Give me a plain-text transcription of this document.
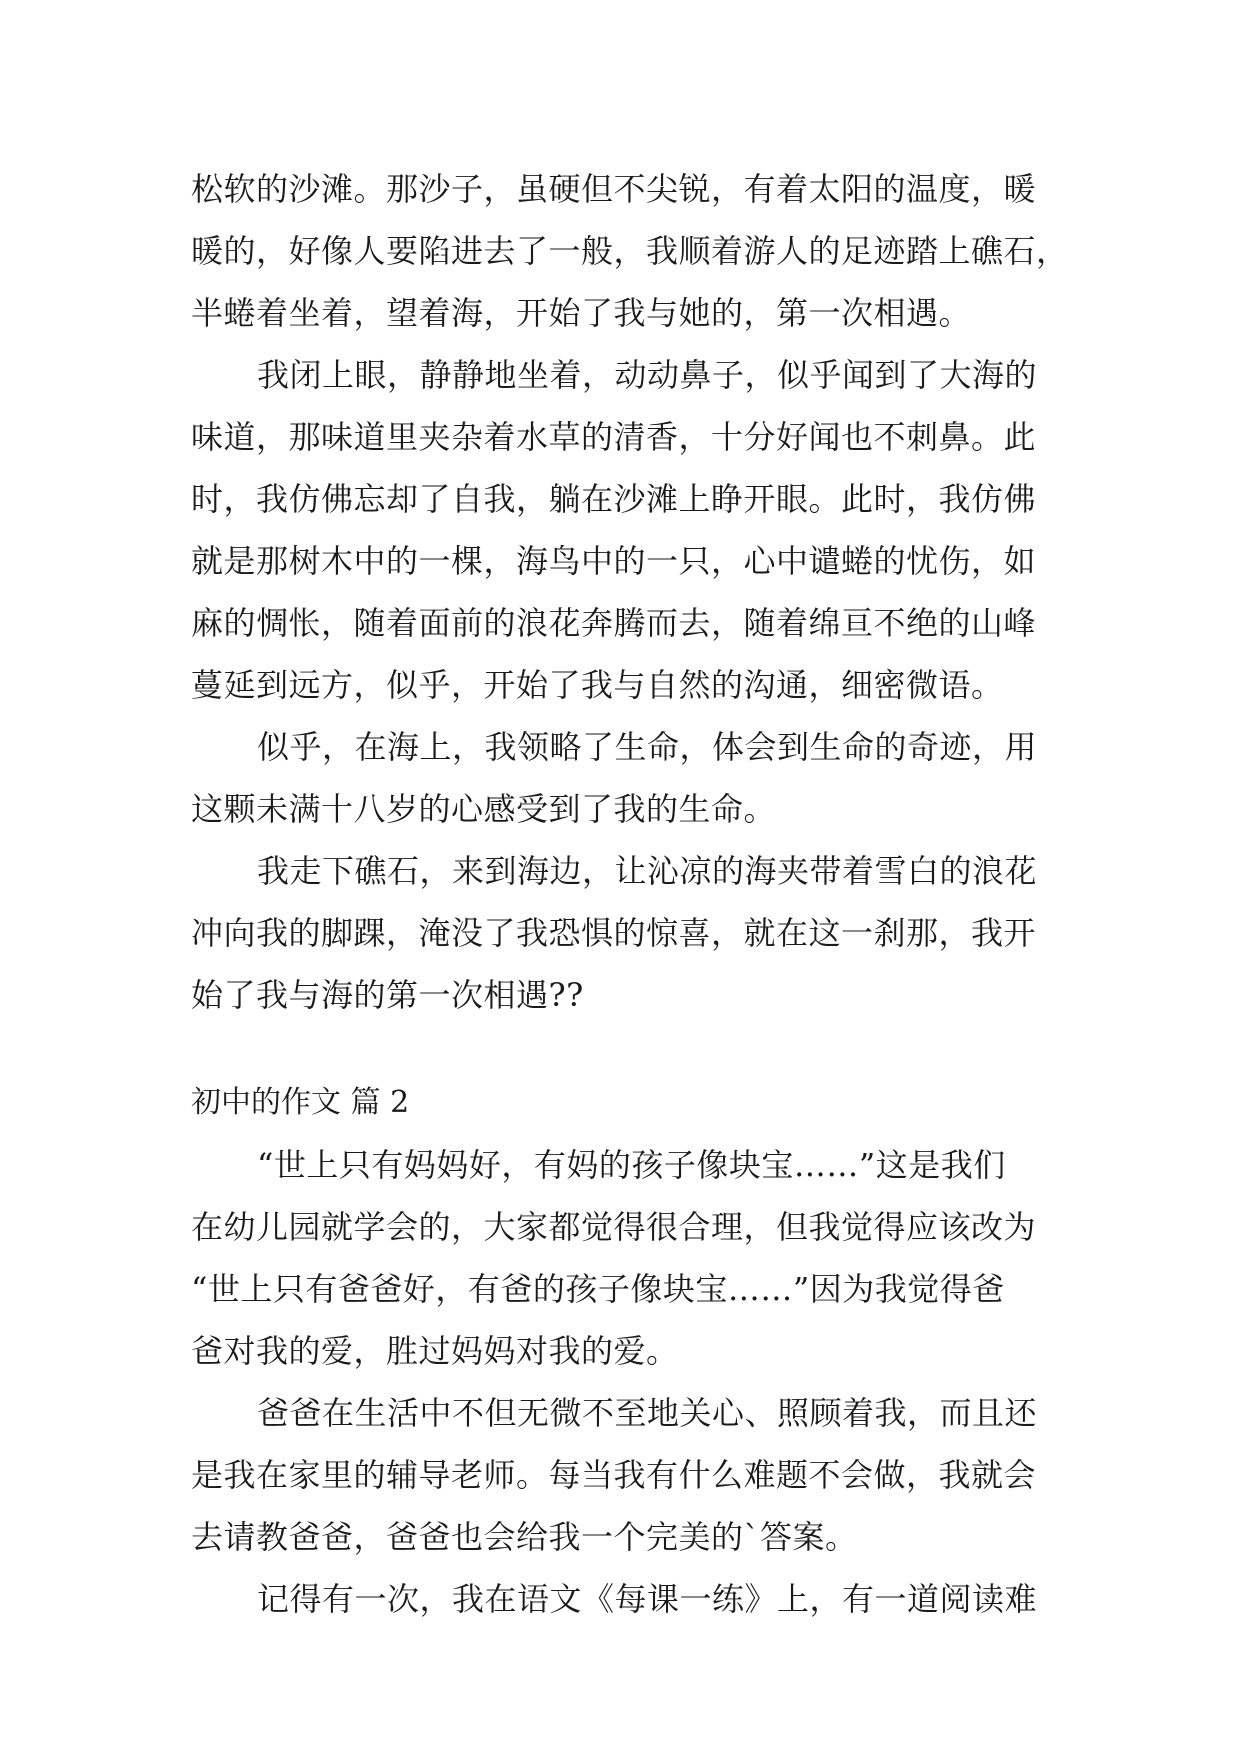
松软的沙滩。那沙子，虽硬但不尖锐，有着太阳的温度，暖
暖的，好像人要陷进去了一般，我顺着游人的足迹踏上礁石，
半蜷着坐着，望着海，开始了我与她的，第一次相遇。
我闭上眼，静静地坐着，动动鼻子，似乎闻到了大海的
味道，那味道里夹杂着水草的清香，十分好闻也不刺鼻。此
时，我仿佛忘却了自我，躺在沙滩上睁开眼。此时，我仿佛
就是那树木中的一棵，海鸟中的一只，心中谴蜷的忧伤，如
麻的惆怅，随着面前的浪花奔腾而去，随着绵亘不绝的山峰
蔓延到远方，似乎，开始了我与自然的沟通，细密微语。
似乎，在海上，我领略了生命，体会到生命的奇迹，用
这颗未满十八岁的心感受到了我的生命。
我走下礁石，来到海边，让沁凉的海夹带着雪白的浪花
冲向我的脚踝，淹没了我恐惧的惊喜，就在这一刹那，我开
始了我与海的第一次相遇??
初中的作文 篇 2
“世上只有妈妈好，有妈的孩子像块宝……”这是我们
在幼儿园就学会的，大家都觉得很合理，但我觉得应该改为
“世上只有爸爸好，有爸的孩子像块宝……”因为我觉得爸
爸对我的爱，胜过妈妈对我的爱。
爸爸在生活中不但无微不至地关心、照顾着我，而且还
是我在家里的辅导老师。每当我有什么难题不会做，我就会
去请教爸爸，爸爸也会给我一个完美的`答案。
记得有一次，我在语文《每课一练》上，有一道阅读难
